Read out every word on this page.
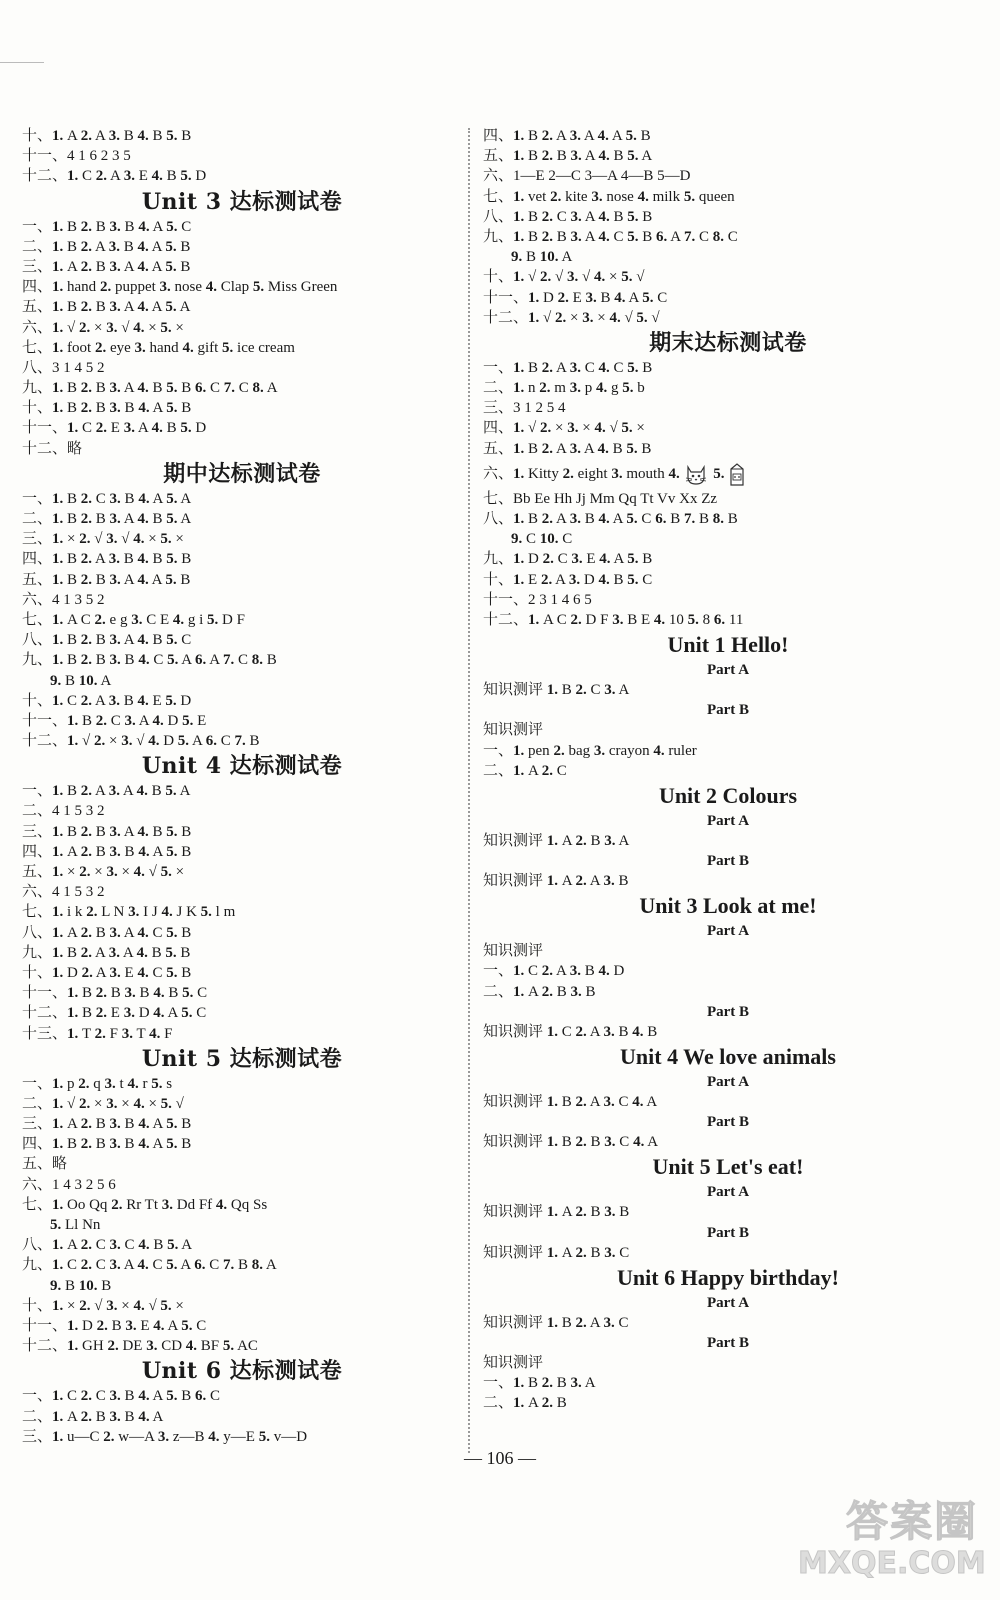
十、1. A 2. A 3. B 4. B 5. B
十一、4 1 6 2 3 5
十二、1. C 2. A 3. E 4. B 5. D
Unit 3 达标测试卷
一、1. B 2. B 3. B 4. A 5. C
二、1. B 2. A 3. B 4. A 5. B
三、1. A 2. B 3. A 4. A 5. B
四、1. hand 2. puppet 3. nose 4. Clap 5. Miss Green
五、1. B 2. B 3. A 4. A 5. A
六、1. √ 2. × 3. √ 4. × 5. ×
七、1. foot 2. eye 3. hand 4. gift 5. ice cream
八、3 1 4 5 2
九、1. B 2. B 3. A 4. B 5. B 6. C 7. C 8. A
十、1. B 2. B 3. B 4. A 5. B
十一、1. C 2. E 3. A 4. B 5. D
十二、略
期中达标测试卷
一、1. B 2. C 3. B 4. A 5. A
二、1. B 2. B 3. A 4. B 5. A
三、1. × 2. √ 3. √ 4. × 5. ×
四、1. B 2. A 3. B 4. B 5. B
五、1. B 2. B 3. A 4. A 5. B
六、4 1 3 5 2
七、1. A C 2. e g 3. C E 4. g i 5. D F
八、1. B 2. B 3. A 4. B 5. C
九、1. B 2. B 3. B 4. C 5. A 6. A 7. C 8. B
9. B 10. A
十、1. C 2. A 3. B 4. E 5. D
十一、1. B 2. C 3. A 4. D 5. E
十二、1. √ 2. × 3. √ 4. D 5. A 6. C 7. B
Unit 4 达标测试卷
一、1. B 2. A 3. A 4. B 5. A
二、4 1 5 3 2
三、1. B 2. B 3. A 4. B 5. B
四、1. A 2. B 3. B 4. A 5. B
五、1. × 2. × 3. × 4. √ 5. ×
六、4 1 5 3 2
七、1. i k 2. L N 3. I J 4. J K 5. l m
八、1. A 2. B 3. A 4. C 5. B
九、1. B 2. A 3. A 4. B 5. B
十、1. D 2. A 3. E 4. C 5. B
十一、1. B 2. B 3. B 4. B 5. C
十二、1. B 2. E 3. D 4. A 5. C
十三、1. T 2. F 3. T 4. F
Unit 5 达标测试卷
一、1. p 2. q 3. t 4. r 5. s
二、1. √ 2. × 3. × 4. × 5. √
三、1. A 2. B 3. B 4. A 5. B
四、1. B 2. B 3. B 4. A 5. B
五、略
六、1 4 3 2 5 6
七、1. Oo Qq 2. Rr Tt 3. Dd Ff 4. Qq Ss
5. Ll Nn
八、1. A 2. C 3. C 4. B 5. A
九、1. C 2. C 3. A 4. C 5. A 6. C 7. B 8. A
9. B 10. B
十、1. × 2. √ 3. × 4. √ 5. ×
十一、1. D 2. B 3. E 4. A 5. C
十二、1. GH 2. DE 3. CD 4. BF 5. AC
Unit 6 达标测试卷
一、1. C 2. C 3. B 4. A 5. B 6. C
二、1. A 2. B 3. B 4. A
三、1. u—C 2. w—A 3. z—B 4. y—E 5. v—D
四、1. B 2. A 3. A 4. A 5. B
五、1. B 2. B 3. A 4. B 5. A
六、1—E 2—C 3—A 4—B 5—D
七、1. vet 2. kite 3. nose 4. milk 5. queen
八、1. B 2. C 3. A 4. B 5. B
九、1. B 2. B 3. A 4. C 5. B 6. A 7. C 8. C
9. B 10. A
十、1. √ 2. √ 3. √ 4. × 5. √
十一、1. D 2. E 3. B 4. A 5. C
十二、1. √ 2. × 3. × 4. √ 5. √
期末达标测试卷
一、1. B 2. A 3. C 4. C 5. B
二、1. n 2. m 3. p 4. g 5. b
三、3 1 2 5 4
四、1. √ 2. × 3. × 4. √ 5. ×
五、1. B 2. A 3. A 4. B 5. B
六、1. Kitty 2. eight 3. mouth 4. 5.
七、Bb Ee Hh Jj Mm Qq Tt Vv Xx Zz
八、1. B 2. A 3. B 4. A 5. C 6. B 7. B 8. B
9. C 10. C
九、1. D 2. C 3. E 4. A 5. B
十、1. E 2. A 3. D 4. B 5. C
十一、2 3 1 4 6 5
十二、1. A C 2. D F 3. B E 4. 10 5. 8 6. 11
Unit 1 Hello!
Part A
知识测评 1. B 2. C 3. A
Part B
知识测评
一、1. pen 2. bag 3. crayon 4. ruler
二、1. A 2. C
Unit 2 Colours
Part A
知识测评 1. A 2. B 3. A
Part B
知识测评 1. A 2. A 3. B
Unit 3 Look at me!
Part A
知识测评
一、1. C 2. A 3. B 4. D
二、1. A 2. B 3. B
Part B
知识测评 1. C 2. A 3. B 4. B
Unit 4 We love animals
Part A
知识测评 1. B 2. A 3. C 4. A
Part B
知识测评 1. B 2. B 3. C 4. A
Unit 5 Let's eat!
Part A
知识测评 1. A 2. B 3. B
Part B
知识测评 1. A 2. B 3. C
Unit 6 Happy birthday!
Part A
知识测评 1. B 2. A 3. C
Part B
知识测评
一、1. B 2. B 3. A
二、1. A 2. B
— 106 —
答案圈
MXQE.COM
